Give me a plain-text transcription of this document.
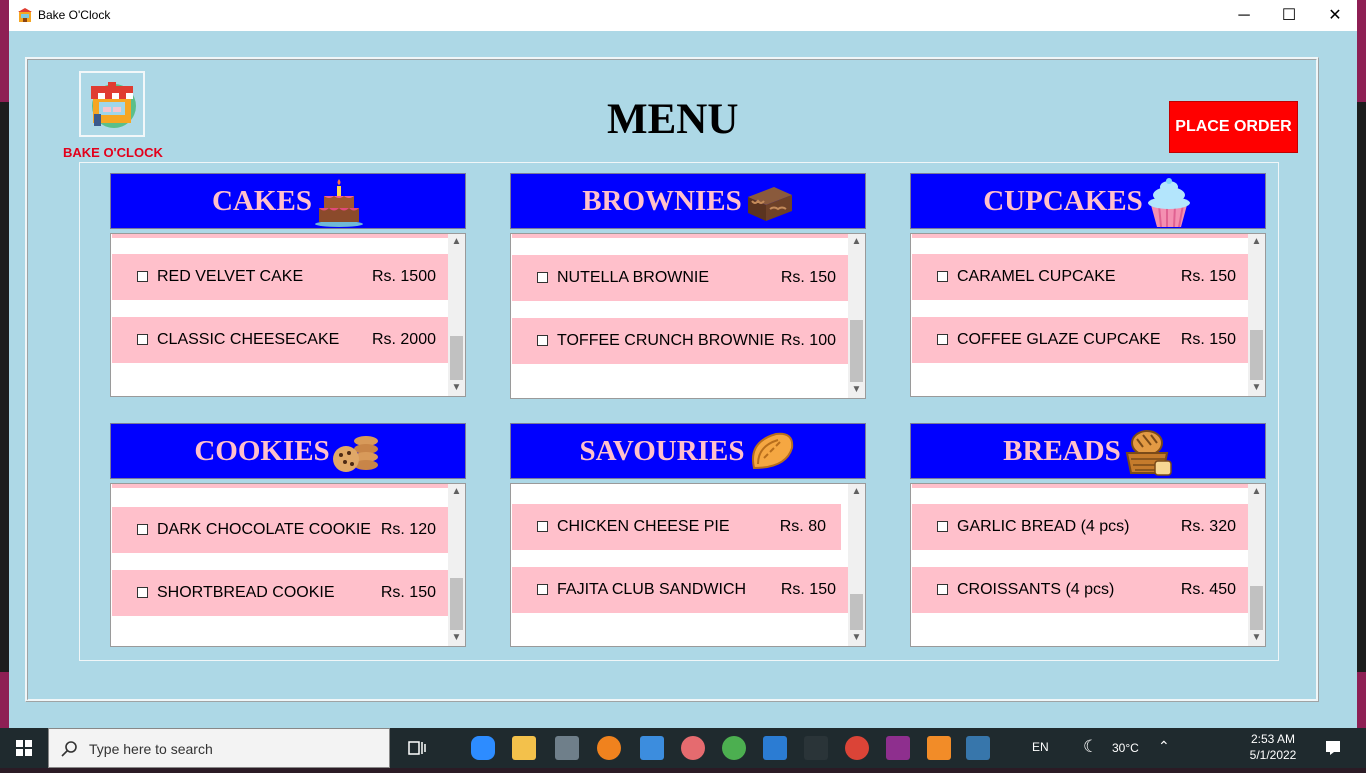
Bake O'Clock	─	☐	✕
BAKE O'CLOCK
MENU	PLACE ORDER
CAKES
RED VELVET CAKE	Rs. 1500
CLASSIC CHEESECAKE Rs. 2000
▲
▼
BROWNIES
NUTELLA BROWNIE	Rs. 150
TOFFEE CRUNCH BROWNIE Rs. 100
▲
▼
CUPCAKES
CARAMEL CUPCAKE	Rs. 150
COFFEE GLAZE CUPCAKE Rs. 150
▲
▼
COOKIES
DARK CHOCOLATE COOKIE Rs. 120
SHORTBREAD COOKIE	Rs. 150
▲
▼
SAVOURIES
CHICKEN CHEESE PIE	Rs. 80
FAJITA CLUB SANDWICH Rs. 150
▲
▼
BREADS
GARLIC BREAD (4 pcs)	Rs. 320
CROISSANTS (4 pcs)	Rs. 450
▲
▼
Type here to search	EN ☾ 30°C ⌃	2:53 AM
5/1/2022
